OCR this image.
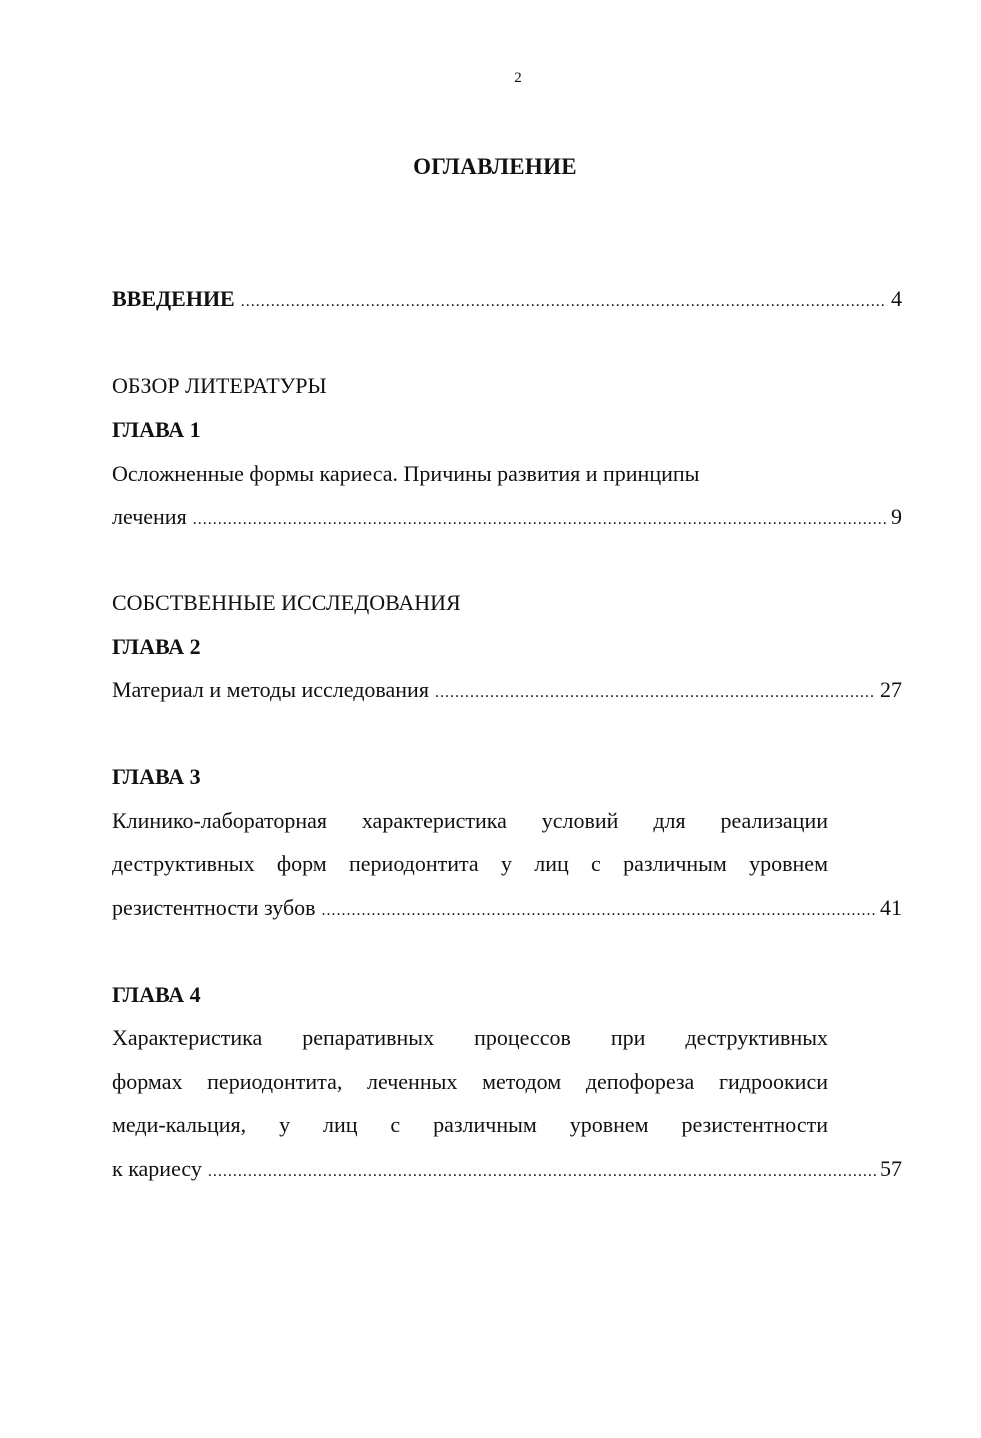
2
ОГЛАВЛЕНИЕ
ВВЕДЕНИЕ .....	4
ОБЗОР ЛИТЕРАТУРЫ
ГЛАВА 1
Осложненные формы кариеса. Причины развития и принципы
лечения .....	9
СОБСТВЕННЫЕ ИССЛЕДОВАНИЯ
ГЛАВА 2
Материал и методы исследования .....	27
ГЛАВА 3
Клинико-лабораторная характеристика условий для реализации
деструктивных форм периодонтита у лиц с различным уровнем
резистентности зубов .....	41
ГЛАВА 4
Характеристика репаративных процессов при деструктивных
формах периодонтита, леченных методом депофореза гидроокиси
меди-кальция, у лиц с различным уровнем резистентности
к кариесу .....	57
